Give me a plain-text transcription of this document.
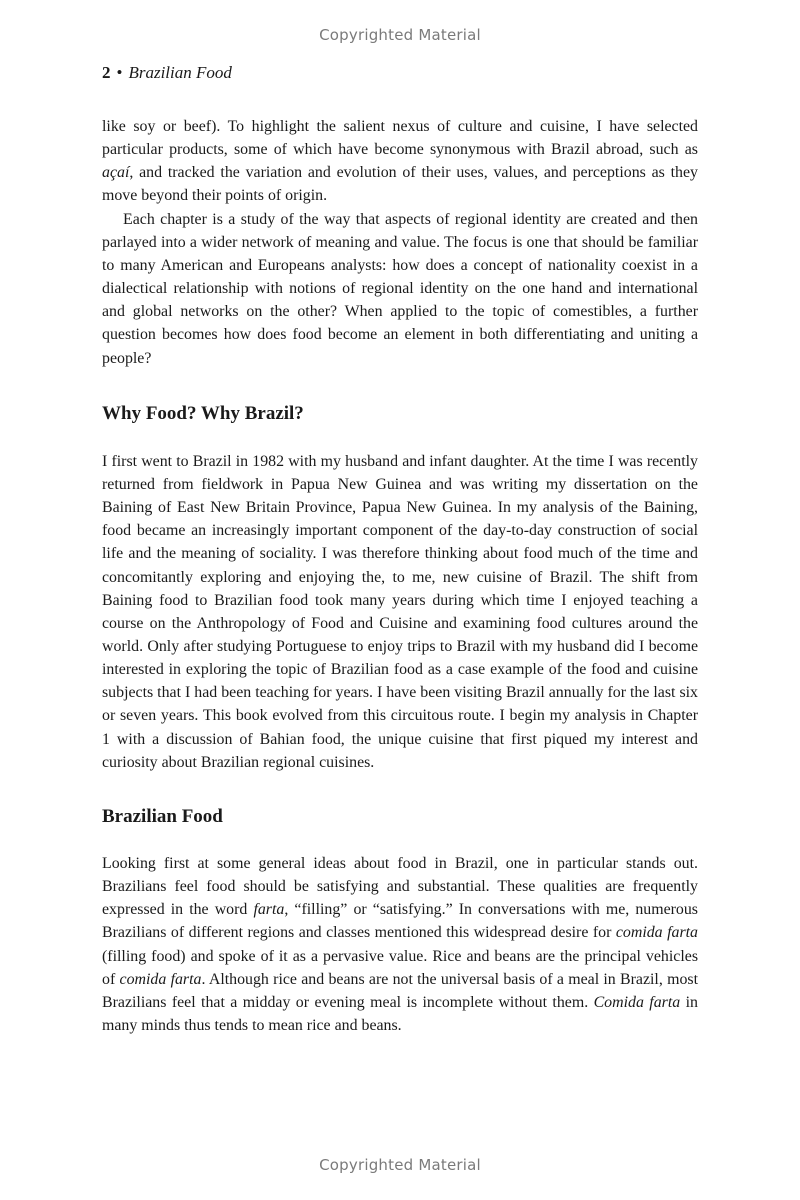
Copyrighted Material
2 • Brazilian Food

like soy or beef). To highlight the salient nexus of culture and cuisine, I have selected particular products, some of which have become synonymous with Brazil abroad, such as açaí, and tracked the variation and evolution of their uses, values, and perceptions as they move beyond their points of origin.

Each chapter is a study of the way that aspects of regional identity are created and then parlayed into a wider network of meaning and value. The focus is one that should be familiar to many American and Europeans analysts: how does a concept of nationality coexist in a dialectical relationship with notions of regional identity on the one hand and international and global networks on the other? When applied to the topic of comestibles, a further question becomes how does food become an element in both differentiating and uniting a people?

Why Food? Why Brazil?

I first went to Brazil in 1982 with my husband and infant daughter. At the time I was recently returned from fieldwork in Papua New Guinea and was writing my dissertation on the Baining of East New Britain Province, Papua New Guinea. In my analysis of the Baining, food became an increasingly important component of the day-to-day construction of social life and the meaning of sociality. I was therefore thinking about food much of the time and concomitantly exploring and enjoying the, to me, new cuisine of Brazil. The shift from Baining food to Brazilian food took many years during which time I enjoyed teaching a course on the Anthropology of Food and Cuisine and examining food cultures around the world. Only after studying Portuguese to enjoy trips to Brazil with my husband did I become interested in exploring the topic of Brazilian food as a case example of the food and cuisine subjects that I had been teaching for years. I have been visiting Brazil annually for the last six or seven years. This book evolved from this circuitous route. I begin my analysis in Chapter 1 with a discussion of Bahian food, the unique cuisine that first piqued my interest and curiosity about Brazilian regional cuisines.

Brazilian Food

Looking first at some general ideas about food in Brazil, one in particular stands out. Brazilians feel food should be satisfying and substantial. These qualities are frequently expressed in the word farta, “filling” or “satisfying.” In conversations with me, numerous Brazilians of different regions and classes mentioned this widespread desire for comida farta (filling food) and spoke of it as a pervasive value. Rice and beans are the principal vehicles of comida farta. Although rice and beans are not the universal basis of a meal in Brazil, most Brazilians feel that a midday or evening meal is incomplete without them. Comida farta in many minds thus tends to mean rice and beans.

Copyrighted Material
